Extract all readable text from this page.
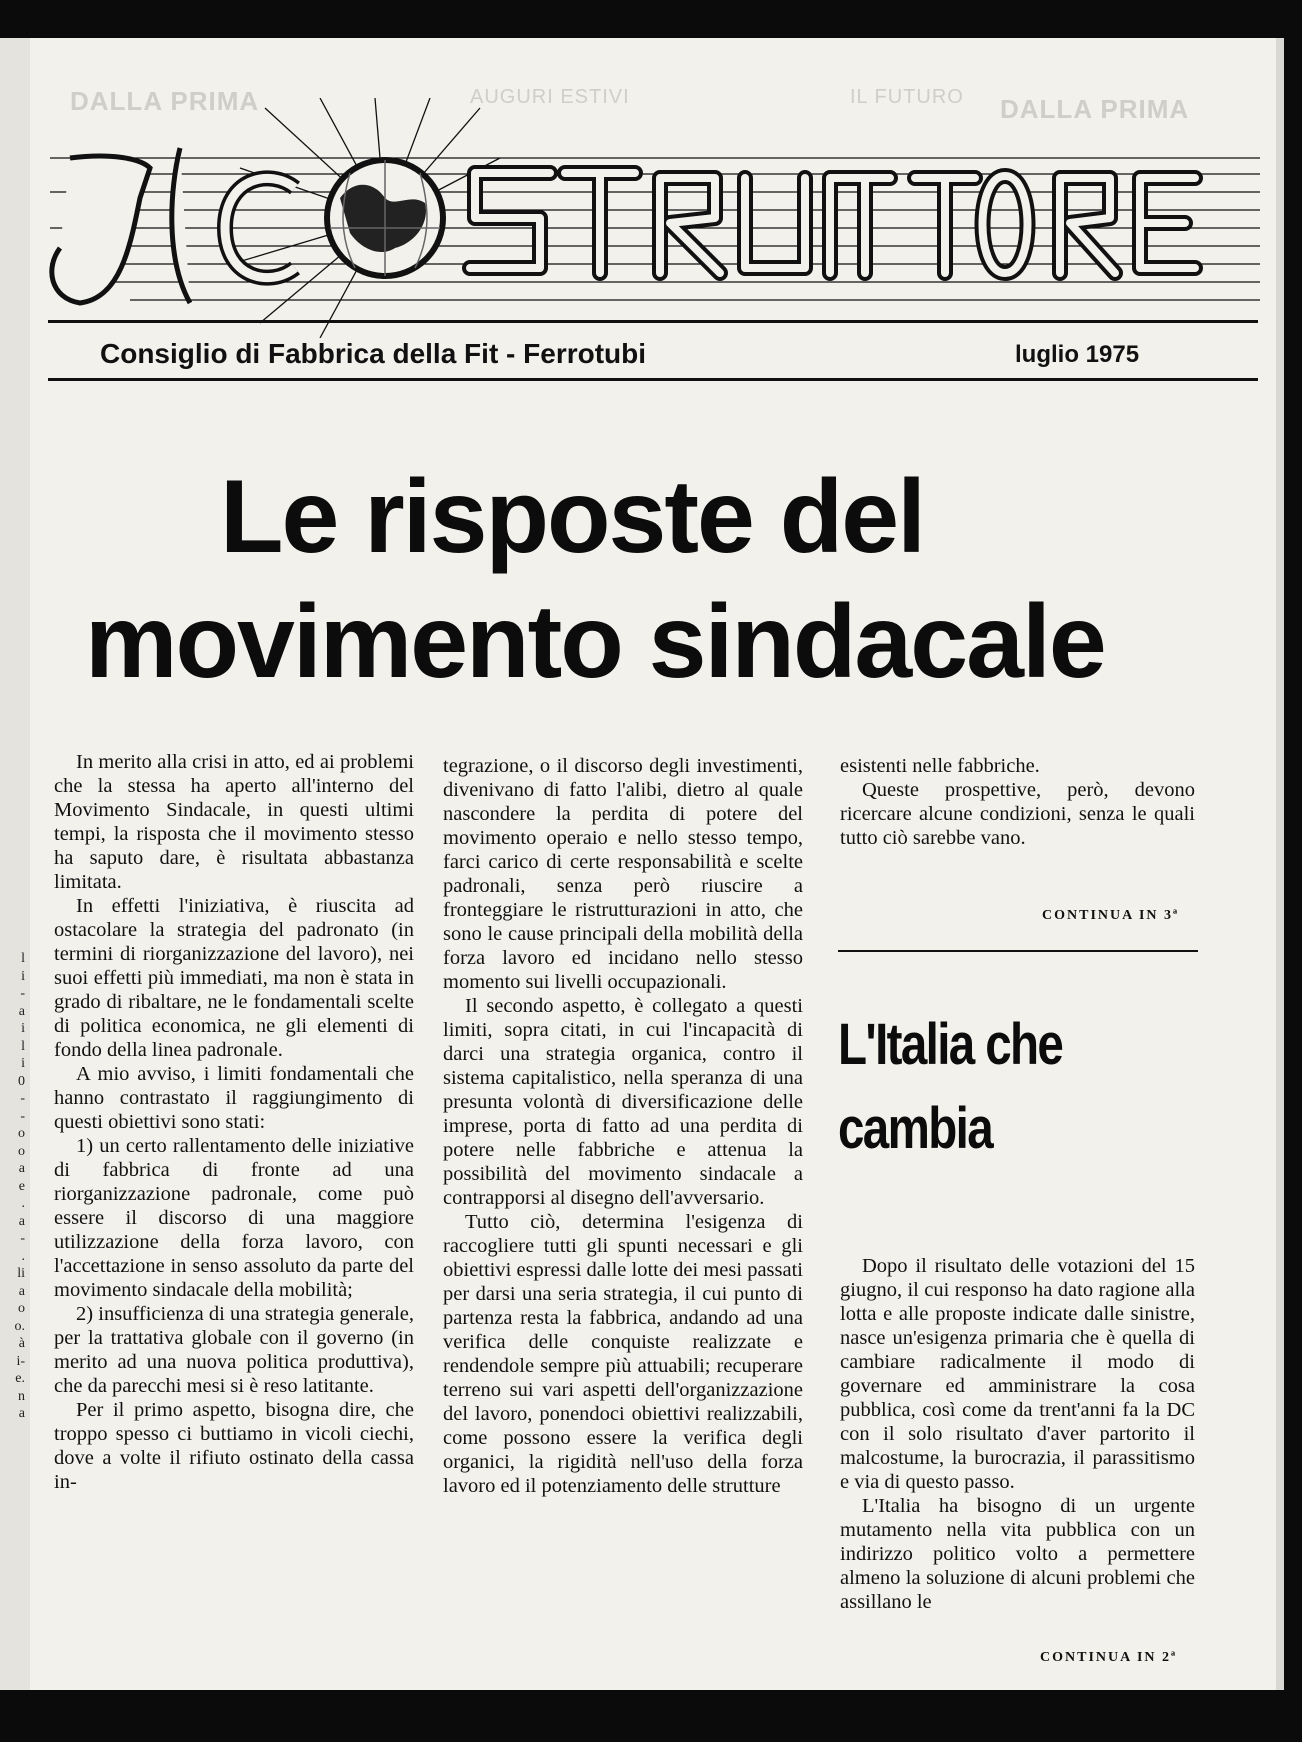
l
i
-
a
i
l
i
0
-
-
o
o
a
e
.
a
-
.
li
a
o
o.
à
i-
e.
n
a
DALLA PRIMA	AUGURI ESTIVI	IL FUTURO DALLA PRIMA
Consiglio di Fabbrica della Fit - Ferrotubi	luglio 1975
Le risposte del
movimento sindacale

In merito alla crisi in atto, ed ai problemi che la stessa ha aperto all'interno del Movimento Sindacale, in questi ultimi tempi, la risposta che il movimento stesso ha saputo dare, è risultata abbastanza limitata.

In effetti l'iniziativa, è riuscita ad ostacolare la strategia del padronato (in termini di riorganizzazione del lavoro), nei suoi effetti più immediati, ma non è stata in grado di ribaltare, ne le fondamentali scelte di politica economica, ne gli elementi di fondo della linea padronale.

A mio avviso, i limiti fondamentali che hanno contrastato il raggiungimento di questi obiettivi sono stati:

1) un certo rallentamento delle iniziative di fabbrica di fronte ad una riorganizzazione padronale, come può essere il discorso di una maggiore utilizzazione della forza lavoro, con l'accettazione in senso assoluto da parte del movimento sindacale della mobilità;

2) insufficienza di una strategia generale, per la trattativa globale con il governo (in merito ad una nuova politica produttiva), che da parecchi mesi si è reso latitante.

Per il primo aspetto, bisogna dire, che troppo spesso ci buttiamo in vicoli ciechi, dove a volte il rifiuto ostinato della cassa in-

tegrazione, o il discorso degli investimenti, divenivano di fatto l'alibi, dietro al quale nascondere la perdita di potere del movimento operaio e nello stesso tempo, farci carico di certe responsabilità e scelte padronali, senza però riuscire a fronteggiare le ristrutturazioni in atto, che sono le cause principali della mobilità della forza lavoro ed incidano nello stesso momento sui livelli occupazionali.

Il secondo aspetto, è collegato a questi limiti, sopra citati, in cui l'incapacità di darci una strategia organica, contro il sistema capitalistico, nella speranza di una presunta volontà di diversificazione delle imprese, porta di fatto ad una perdita di potere nelle fabbriche e attenua la possibilità del movimento sindacale a contrapporsi al disegno dell'avversario.

Tutto ciò, determina l'esigenza di raccogliere tutti gli spunti necessari e gli obiettivi espressi dalle lotte dei mesi passati per darsi una seria strategia, il cui punto di partenza resta la fabbrica, andando ad una verifica delle conquiste realizzate e rendendole sempre più attuabili; recuperare terreno sui vari aspetti dell'organizzazione del lavoro, ponendoci obiettivi realizzabili, come possono essere la verifica degli organici, la rigidità nell'uso della forza lavoro ed il potenziamento delle strutture

esistenti nelle fabbriche.

Queste prospettive, però, devono ricercare alcune condizioni, senza le quali tutto ciò sarebbe vano.

CONTINUA IN 3ª
L'Italia che
cambia

Dopo il risultato delle votazioni del 15 giugno, il cui responso ha dato ragione alla lotta e alle proposte indicate dalle sinistre, nasce un'esigenza primaria che è quella di cambiare radicalmente il modo di governare ed amministrare la cosa pubblica, così come da trent'anni fa la DC con il solo risultato d'aver partorito il malcostume, la burocrazia, il parassitismo e via di questo passo.

L'Italia ha bisogno di un urgente mutamento nella vita pubblica con un indirizzo politico volto a permettere almeno la soluzione di alcuni problemi che assillano le

CONTINUA IN 2ª
